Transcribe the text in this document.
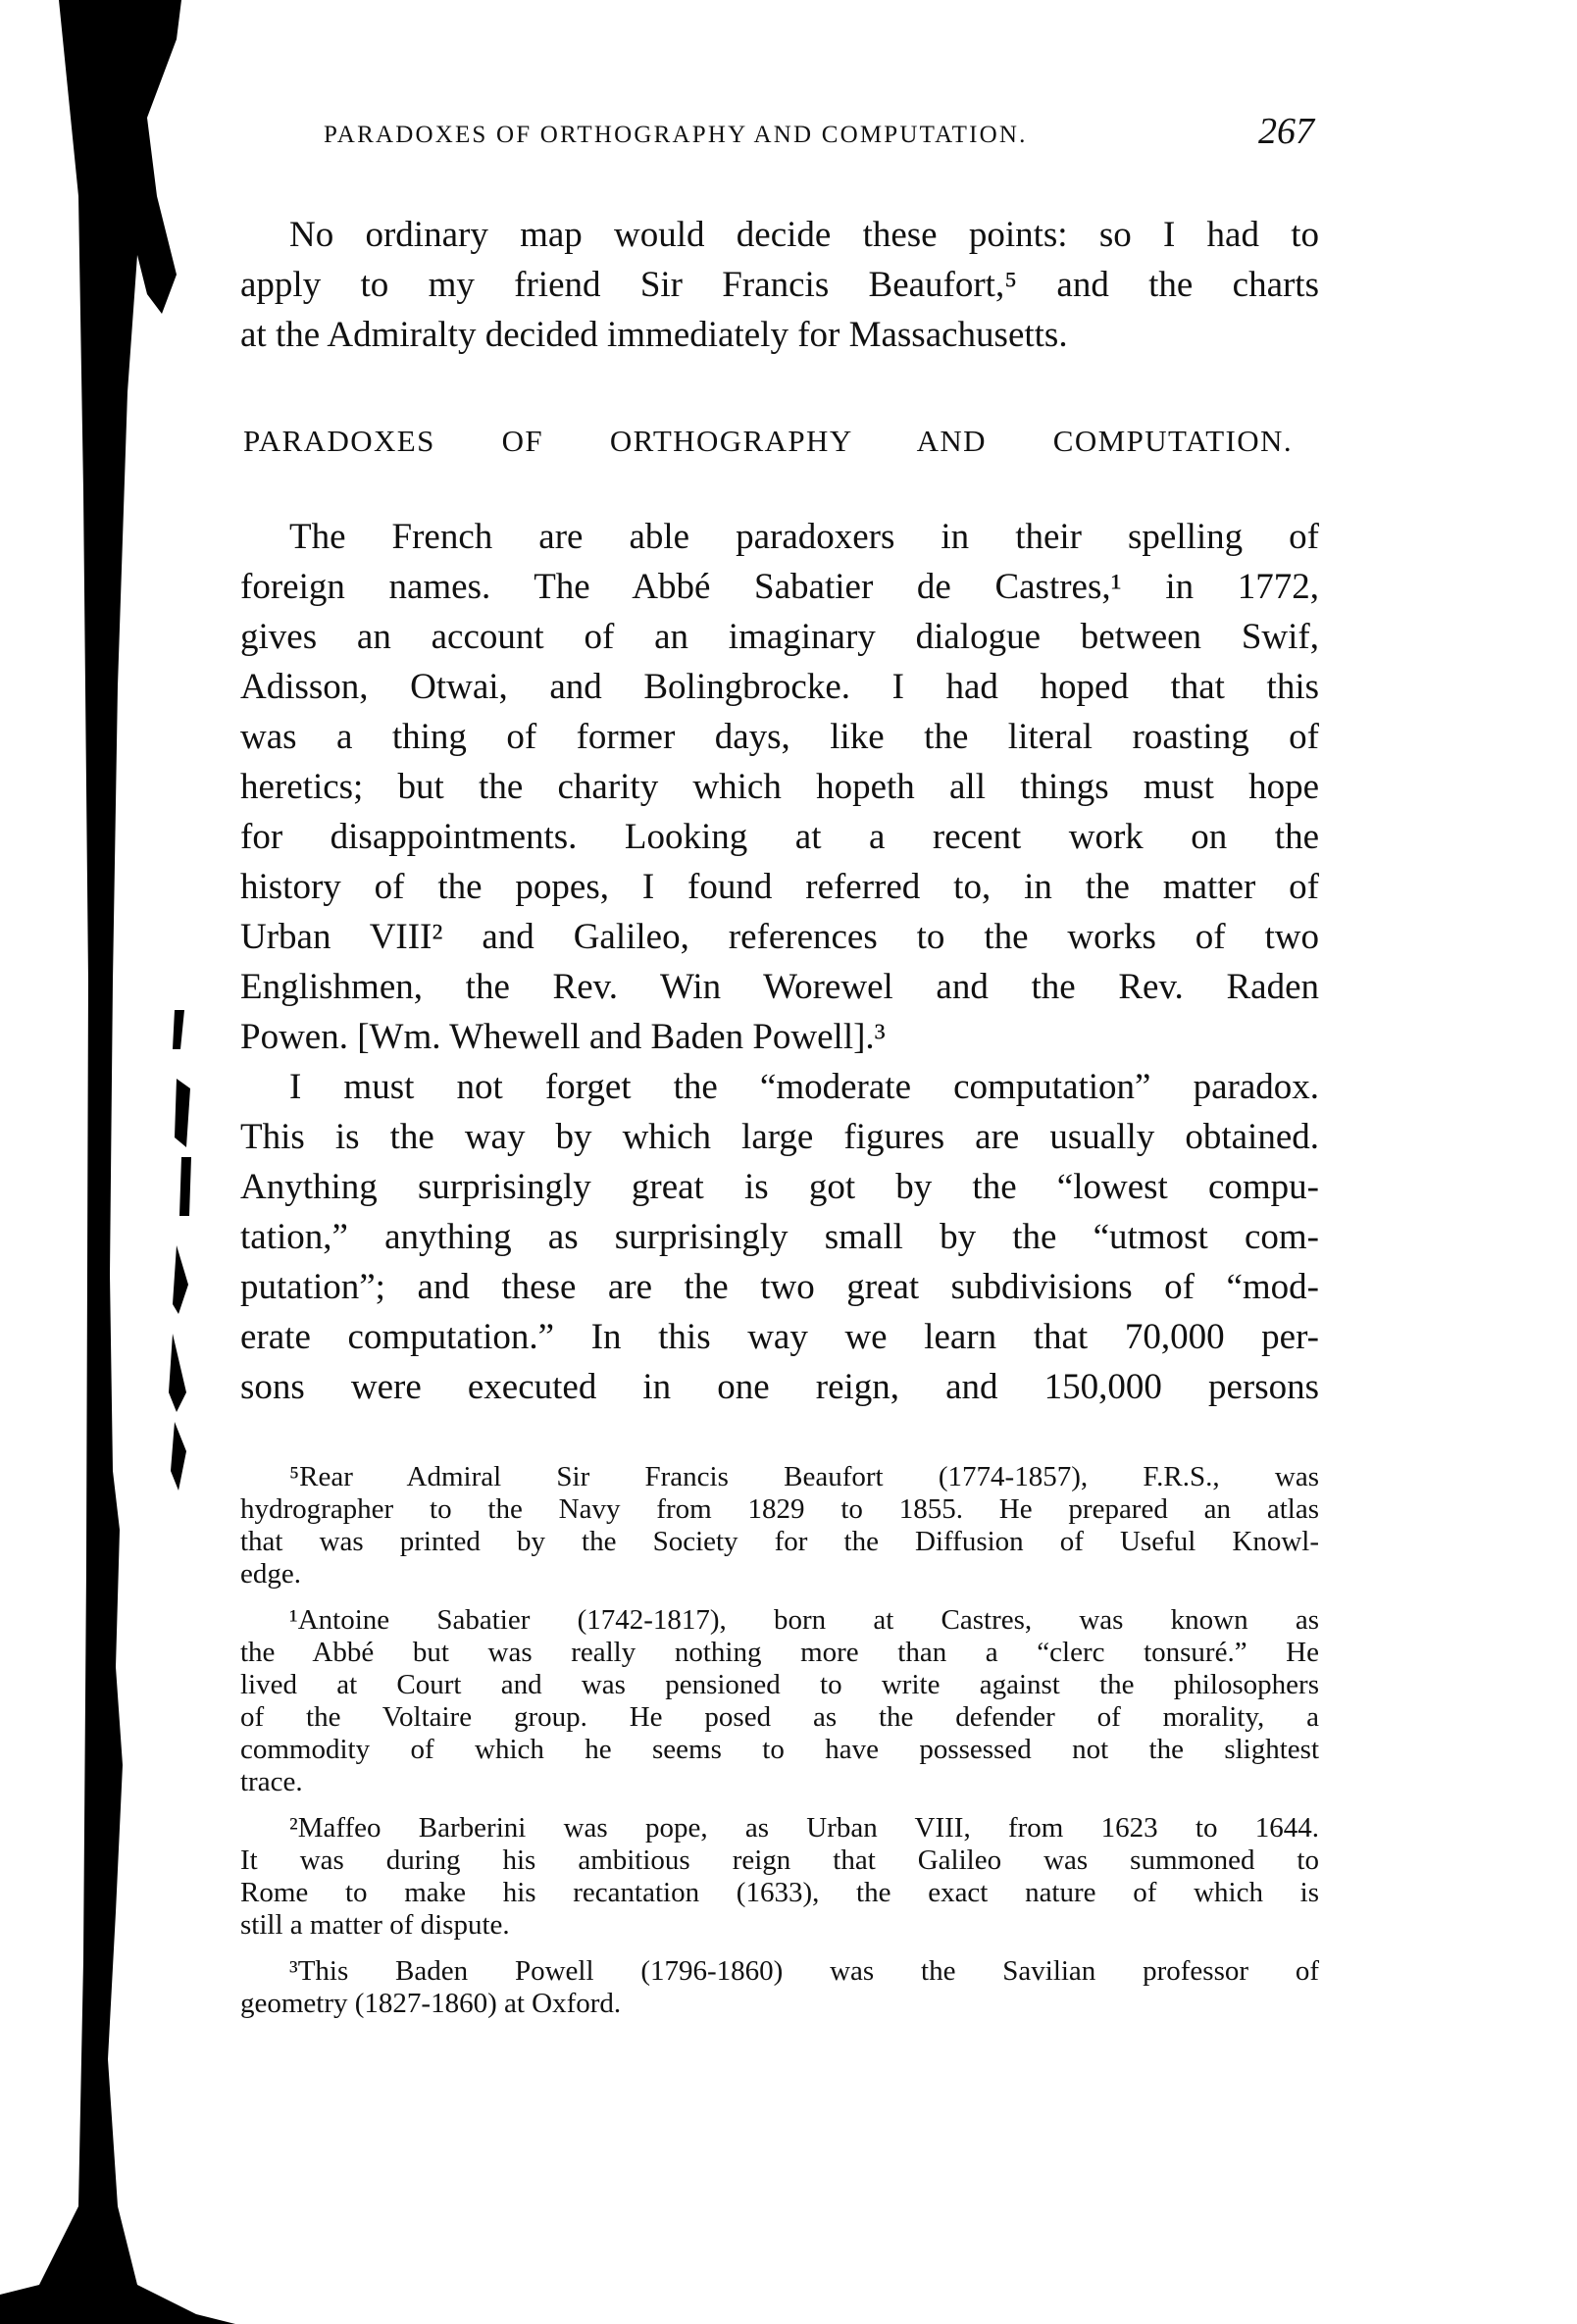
PARADOXES OF ORTHOGRAPHY AND COMPUTATION.	267
No ordinary map would decide these points: so I had to
apply to my friend Sir Francis Beaufort,⁵ and the charts
at the Admiralty decided immediately for Massachusetts.
PARADOXES OF ORTHOGRAPHY AND COMPUTATION.
The French are able paradoxers in their spelling of
foreign names. The Abbé Sabatier de Castres,¹ in 1772,
gives an account of an imaginary dialogue between Swif,
Adisson, Otwai, and Bolingbrocke. I had hoped that this
was a thing of former days, like the literal roasting of
heretics; but the charity which hopeth all things must hope
for disappointments. Looking at a recent work on the
history of the popes, I found referred to, in the matter of
Urban VIII² and Galileo, references to the works of two
Englishmen, the Rev. Win Worewel and the Rev. Raden
Powen. [Wm. Whewell and Baden Powell].³
I must not forget the “moderate computation” paradox.
This is the way by which large figures are usually obtained.
Anything surprisingly great is got by the “lowest compu-
tation,” anything as surprisingly small by the “utmost com-
putation”; and these are the two great subdivisions of “mod-
erate computation.” In this way we learn that 70,000 per-
sons were executed in one reign, and 150,000 persons
⁵Rear Admiral Sir Francis Beaufort (1774-1857), F.R.S., was
hydrographer to the Navy from 1829 to 1855. He prepared an atlas
that was printed by the Society for the Diffusion of Useful Knowl-
edge.
¹Antoine Sabatier (1742-1817), born at Castres, was known as
the Abbé but was really nothing more than a “clerc tonsuré.” He
lived at Court and was pensioned to write against the philosophers
of the Voltaire group. He posed as the defender of morality, a
commodity of which he seems to have possessed not the slightest
trace.
²Maffeo Barberini was pope, as Urban VIII, from 1623 to 1644.
It was during his ambitious reign that Galileo was summoned to
Rome to make his recantation (1633), the exact nature of which is
still a matter of dispute.
³This Baden Powell (1796-1860) was the Savilian professor of
geometry (1827-1860) at Oxford.
